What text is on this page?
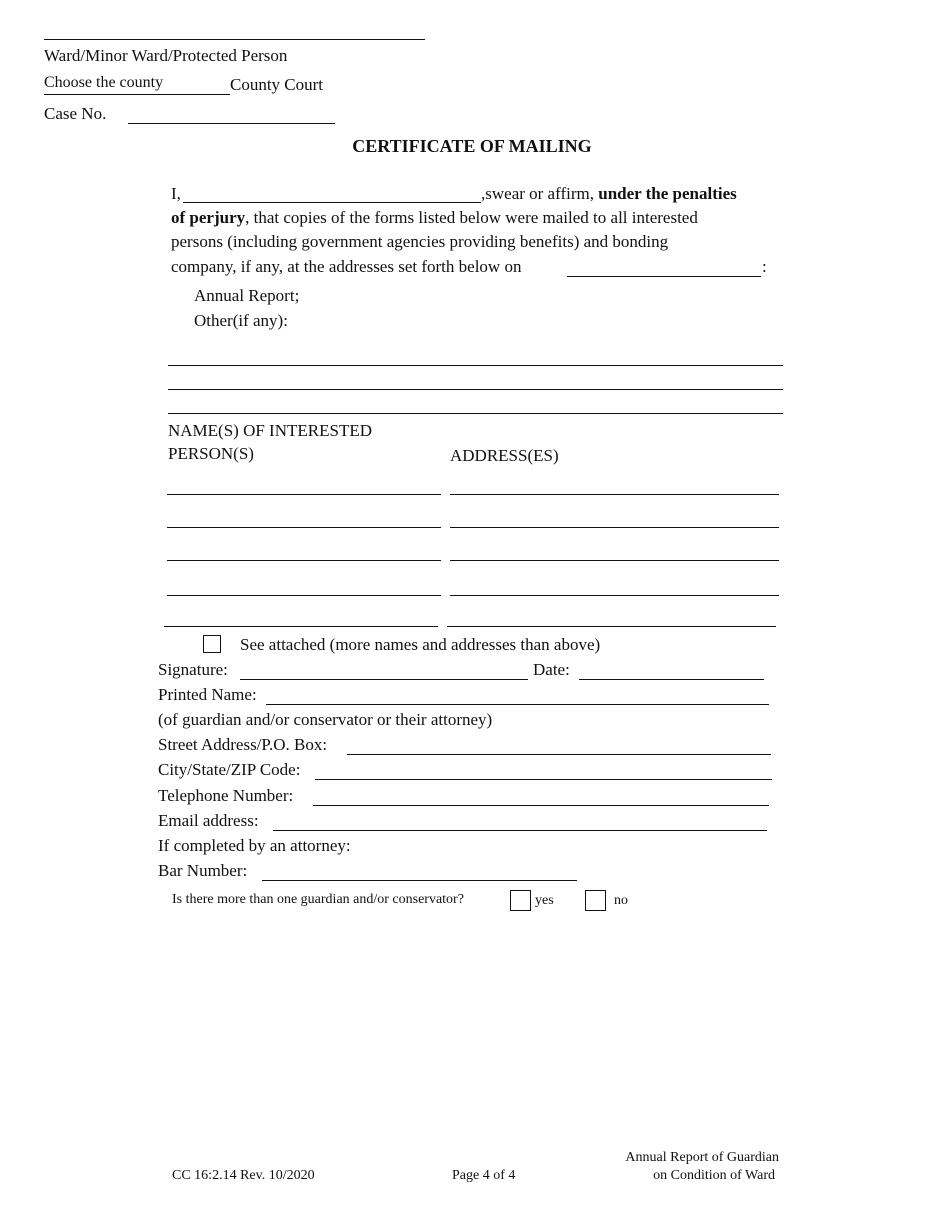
Ward/Minor Ward/Protected Person
Choose the county	County Court
Case No.
CERTIFICATE OF MAILING
I,	,swear or affirm, under the penalties
of perjury, that copies of the forms listed below were mailed to all interested
persons (including government agencies providing benefits) and bonding
company, if any, at the addresses set forth below on	:
Annual Report;
Other(if any):
NAME(S) OF INTERESTED
PERSON(S)	ADDRESS(ES)
See attached (more names and addresses than above)
Signature:	Date:
Printed Name:
(of guardian and/or conservator or their attorney)
Street Address/P.O. Box:
City/State/ZIP Code:
Telephone Number:
Email address:
If completed by an attorney:
Bar Number:
Is there more than one guardian and/or conservator?	yes	no
CC 16:2.14 Rev. 10/2020	Page 4 of 4
Annual Report of Guardian
on Condition of Ward
